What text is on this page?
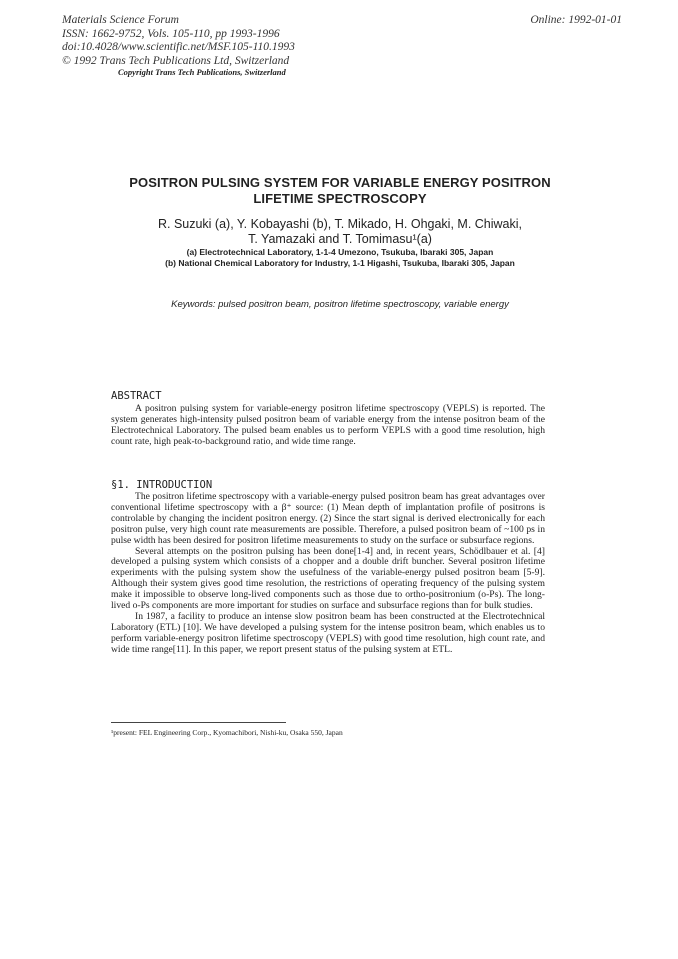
Materials Science Forum
ISSN: 1662-9752, Vols. 105-110, pp 1993-1996
doi:10.4028/www.scientific.net/MSF.105-110.1993
© 1992 Trans Tech Publications Ltd, Switzerland
Online: 1992-01-01
Copyright Trans Tech Publications, Switzerland
POSITRON PULSING SYSTEM FOR VARIABLE ENERGY POSITRON
LIFETIME SPECTROSCOPY
R. Suzuki (a), Y. Kobayashi (b), T. Mikado, H. Ohgaki, M. Chiwaki,
T. Yamazaki and T. Tomimasu¹(a)
(a) Electrotechnical Laboratory, 1-1-4 Umezono, Tsukuba, Ibaraki 305, Japan
(b) National Chemical Laboratory for Industry, 1-1 Higashi, Tsukuba, Ibaraki 305, Japan
Keywords: pulsed positron beam, positron lifetime spectroscopy, variable energy
ABSTRACT

A positron pulsing system for variable-energy positron lifetime spectroscopy (VEPLS) is reported. The system generates high-intensity pulsed positron beam of variable energy from the intense positron beam of the Electrotechnical Laboratory. The pulsed beam enables us to perform VEPLS with a good time resolution, high count rate, high peak-to-background ratio, and wide time range.

§1. INTRODUCTION

The positron lifetime spectroscopy with a variable-energy pulsed positron beam has great advantages over conventional lifetime spectroscopy with a β⁺ source: (1) Mean depth of implantation profile of positrons is controlable by changing the incident positron energy. (2) Since the start signal is derived electronically for each positron pulse, very high count rate measurements are possible. Therefore, a pulsed positron beam of ~100 ps in pulse width has been desired for positron lifetime measurements to study on the surface or subsurface regions.

Several attempts on the positron pulsing has been done[1-4] and, in recent years, Schödlbauer et al. [4] developed a pulsing system which consists of a chopper and a double drift buncher. Several positron lifetime experiments with the pulsing system show the usefulness of the variable-energy pulsed positron beam [5-9]. Although their system gives good time resolution, the restrictions of operating frequency of the pulsing system make it impossible to observe long-lived components such as those due to ortho-positronium (o-Ps). The long-lived o-Ps components are more important for studies on surface and subsurface regions than for bulk studies.

In 1987, a facility to produce an intense slow positron beam has been constructed at the Electrotechnical Laboratory (ETL) [10]. We have developed a pulsing system for the intense positron beam, which enables us to perform variable-energy positron lifetime spectroscopy (VEPLS) with good time resolution, high count rate, and wide time range[11]. In this paper, we report present status of the pulsing system at ETL.

¹present: FEL Engineering Corp., Kyomachibori, Nishi-ku, Osaka 550, Japan
